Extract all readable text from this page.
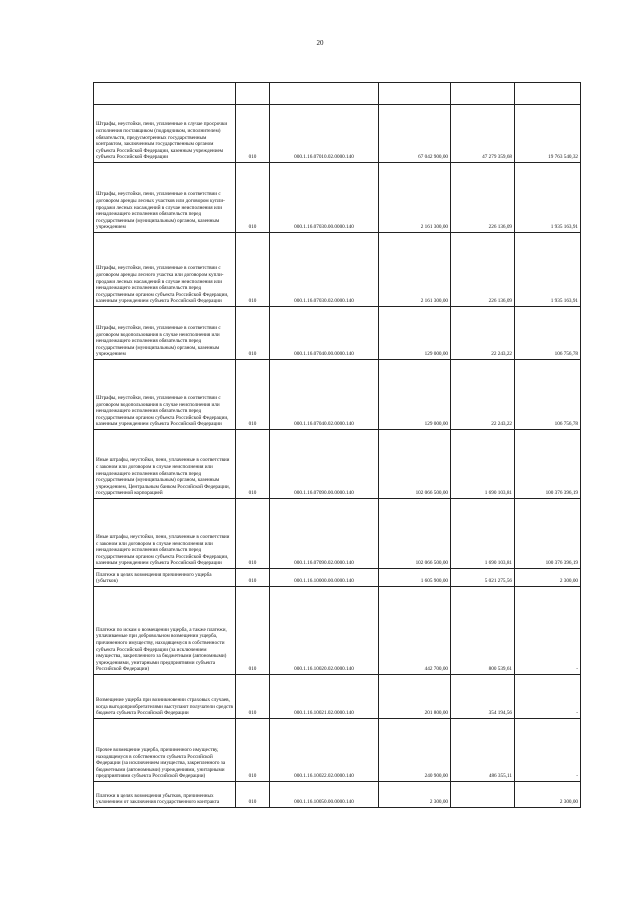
20

Штрафы, неустойки, пени, уплаченные в случае просрочки исполнения поставщиком (подрядчиком, исполнителем) обязательств, предусмотренных государственным контрактом, заключенным государственным органом субъекта Российской Федерации, казенным учреждением субъекта Российской Федерации	010	000.1.16.07010.02.0000.140	67 042 900,00	47 279 359,68	19 763 540,32
Штрафы, неустойки, пени, уплаченные в соответствии с договором аренды лесных участков или договором купли-продажи лесных насаждений в случае неисполнения или ненадлежащего исполнения обязательств перед государственным (муниципальным) органом, казенным учреждением	010	000.1.16.07030.00.0000.140	2 161 300,00	226 136,09	1 935 163,91
Штрафы, неустойки, пени, уплаченные в соответствии с договором аренды лесного участка или договором купли-продажи лесных насаждений в случае неисполнения или ненадлежащего исполнения обязательств перед государственным органом субъекта Российской Федерации, казенным учреждением субъекта Российской Федерации	010	000.1.16.07030.02.0000.140	2 161 300,00	226 136,09	1 935 163,91
Штрафы, неустойки, пени, уплаченные в соответствии с договором водопользования в случае неисполнения или ненадлежащего исполнения обязательств перед государственным (муниципальным) органом, казенным учреждением	010	000.1.16.07040.00.0000.140	129 000,00	22 243,22	106 756,78
Штрафы, неустойки, пени, уплаченные в соответствии с договором водопользования в случае неисполнения или ненадлежащего исполнения обязательств перед государственным органом субъекта Российской Федерации, казенным учреждением субъекта Российской Федерации	010	000.1.16.07040.02.0000.140	129 000,00	22 243,22	106 756,78
Иные штрафы, неустойки, пени, уплаченные в соответствии с законом или договором в случае неисполнения или ненадлежащего исполнения обязательств перед государственным (муниципальным) органом, казенным учреждением, Центральным банком Российской Федерации, государственной корпорацией	010	000.1.16.07090.00.0000.140	102 066 500,00	1 690 103,81	100 376 396,19
Иные штрафы, неустойки, пени, уплаченные в соответствии с законом или договором в случае неисполнения или ненадлежащего исполнения обязательств перед государственным органом субъекта Российской Федерации, казенным учреждением субъекта Российской Федерации	010	000.1.16.07090.02.0000.140	102 066 500,00	1 690 103,81	100 376 396,19
Платежи в целях возмещения причиненного ущерба (убытков)	010	000.1.16.10000.00.0000.140	1 605 900,00	5 021 275,56	2 300,00
Платежи по искам о возмещении ущерба, а также платежи, уплачиваемые при добровольном возмещении ущерба, причиненного имуществу, находящемуся в собственности субъекта Российской Федерации (за исключением имущества, закрепленного за бюджетными (автономными) учреждениями, унитарными предприятиями субъекта Российской Федерации)	010	000.1.16.10020.02.0000.140	442 700,00	800 539,61	-
Возмещение ущерба при возникновении страховых случаев, когда выгодоприобретателями выступают получатели средств бюджета субъекта Российской Федерации	010	000.1.16.10021.02.0000.140	201 800,00	354 194,56	-
Прочее возмещение ущерба, причиненного имуществу, находящемуся в собственности субъекта Российской Федерации (за исключением имущества, закрепленного за бюджетными (автономными) учреждениями, унитарными предприятиями субъекта Российской Федерации)	010	000.1.16.10022.02.0000.140	240 900,00	486 355,11	-
Платежи в целях возмещения убытков, причиненных уклонением от заключения государственного контракта	010	000.1.16.10050.00.0000.140	2 300,00		2 300,00
